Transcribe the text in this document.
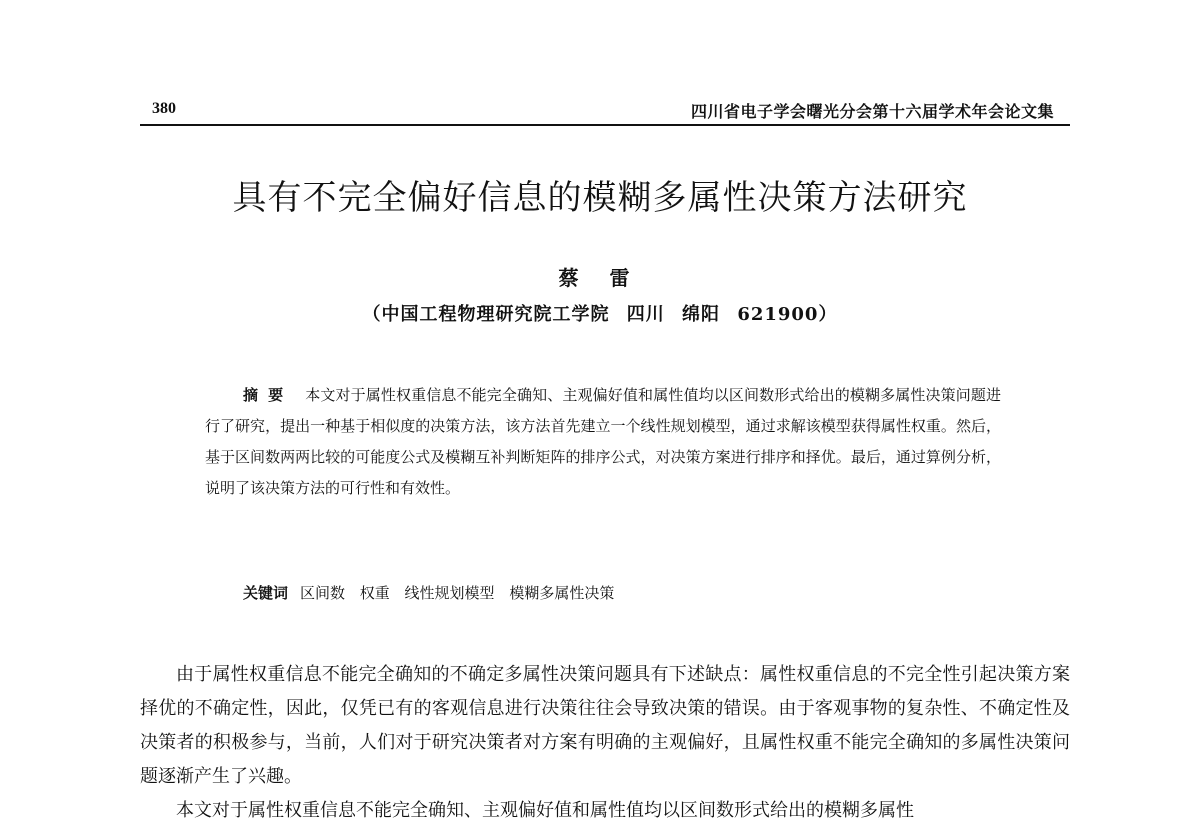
380	四川省电子学会曙光分会第十六届学术年会论文集
具有不完全偏好信息的模糊多属性决策方法研究
蔡 雷
（中国工程物理研究院工学院 四川 绵阳 621900）
摘要 本文对于属性权重信息不能完全确知、主观偏好值和属性值均以区间数形式给出的模糊多属性决策问题进行了研究，提出一种基于相似度的决策方法，该方法首先建立一个线性规划模型，通过求解该模型获得属性权重。然后，基于区间数两两比较的可能度公式及模糊互补判断矩阵的排序公式，对决策方案进行排序和择优。最后，通过算例分析，说明了该决策方法的可行性和有效性。
关键词 区间数 权重 线性规划模型 模糊多属性决策

由于属性权重信息不能完全确知的不确定多属性决策问题具有下述缺点：属性权重信息的不完全性引起决策方案择优的不确定性，因此，仅凭已有的客观信息进行决策往往会导致决策的错误。由于客观事物的复杂性、不确定性及决策者的积极参与，当前，人们对于研究决策者对方案有明确的主观偏好，且属性权重不能完全确知的多属性决策问题逐渐产生了兴趣。

本文对于属性权重信息不能完全确知、主观偏好值和属性值均以区间数形式给出的模糊多属性
